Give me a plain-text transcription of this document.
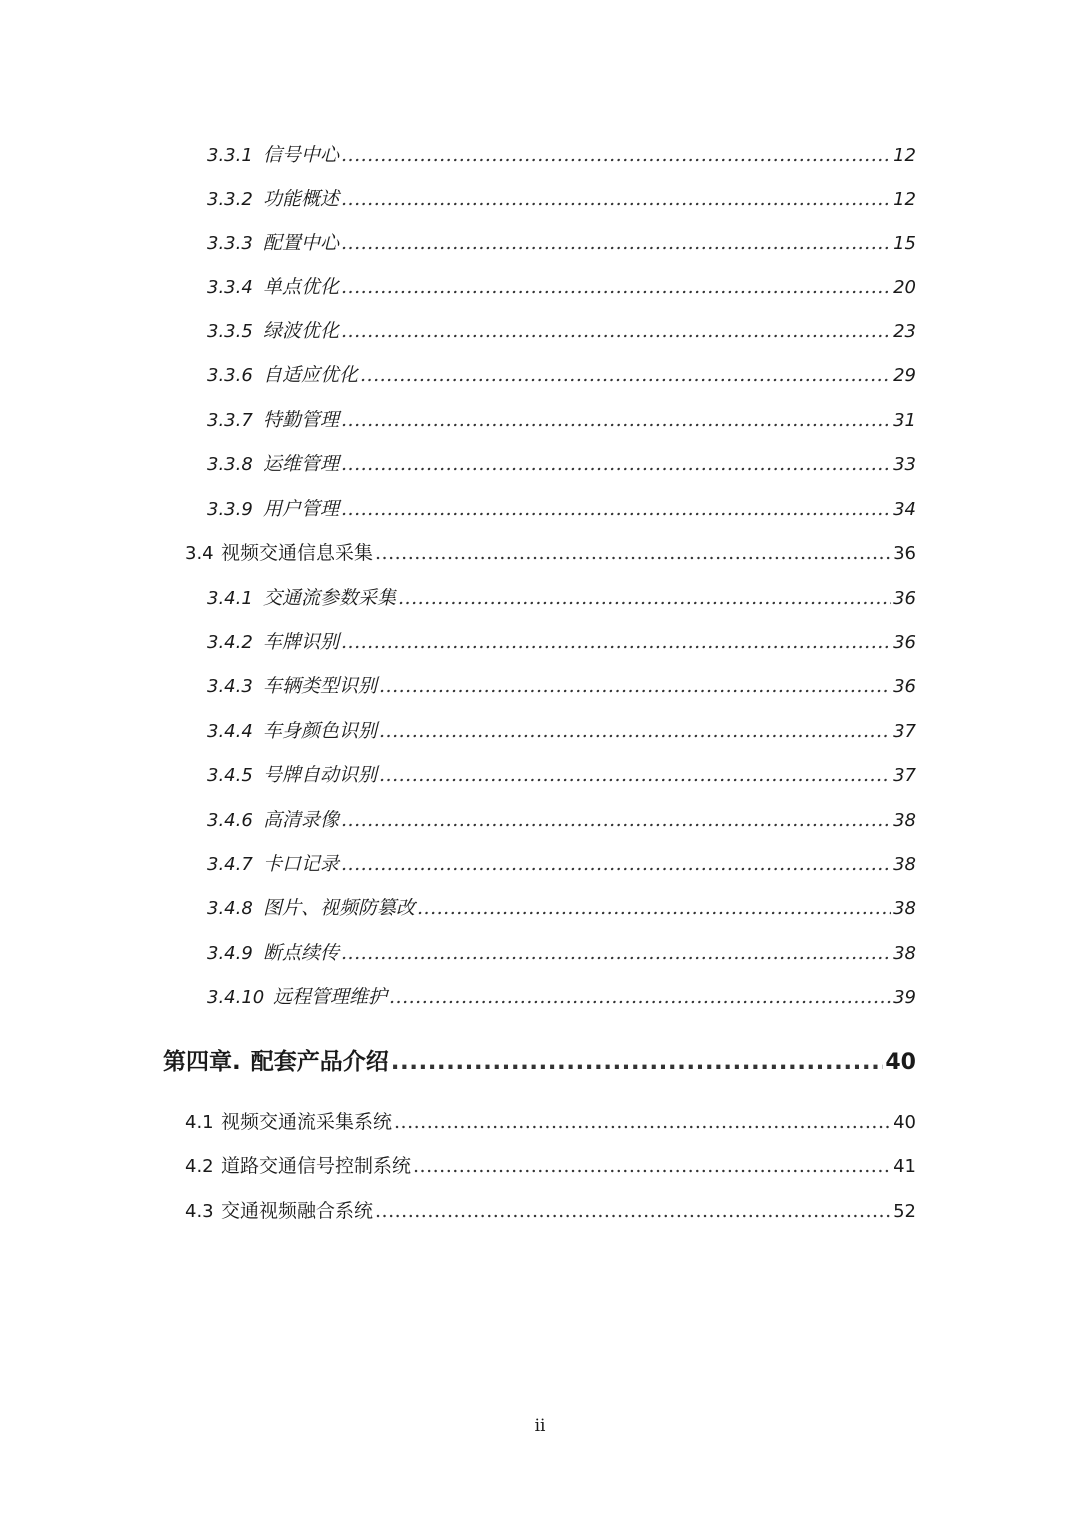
3.3.1 信号中心 .....	12
3.3.2 功能概述 .....	12
3.3.3 配置中心 .....	15
3.3.4 单点优化 .....	20
3.3.5 绿波优化 .....	23
3.3.6 自适应优化 .....	29
3.3.7 特勤管理 .....	31
3.3.8 运维管理 .....	33
3.3.9 用户管理 .....	34
3.4 视频交通信息采集 .....	36
3.4.1 交通流参数采集 .....	36
3.4.2 车牌识别 .....	36
3.4.3 车辆类型识别 .....	36
3.4.4 车身颜色识别 .....	37
3.4.5 号牌自动识别 .....	37
3.4.6 高清录像 .....	38
3.4.7 卡口记录 .....	38
3.4.8 图片、视频防篡改 .....	38
3.4.9 断点续传 .....	38
3.4.10 远程管理维护 .....	39
第四章. 配套产品介绍 .....	40
4.1 视频交通流采集系统 .....	40
4.2 道路交通信号控制系统 .....	41
4.3 交通视频融合系统 .....	52
ii
